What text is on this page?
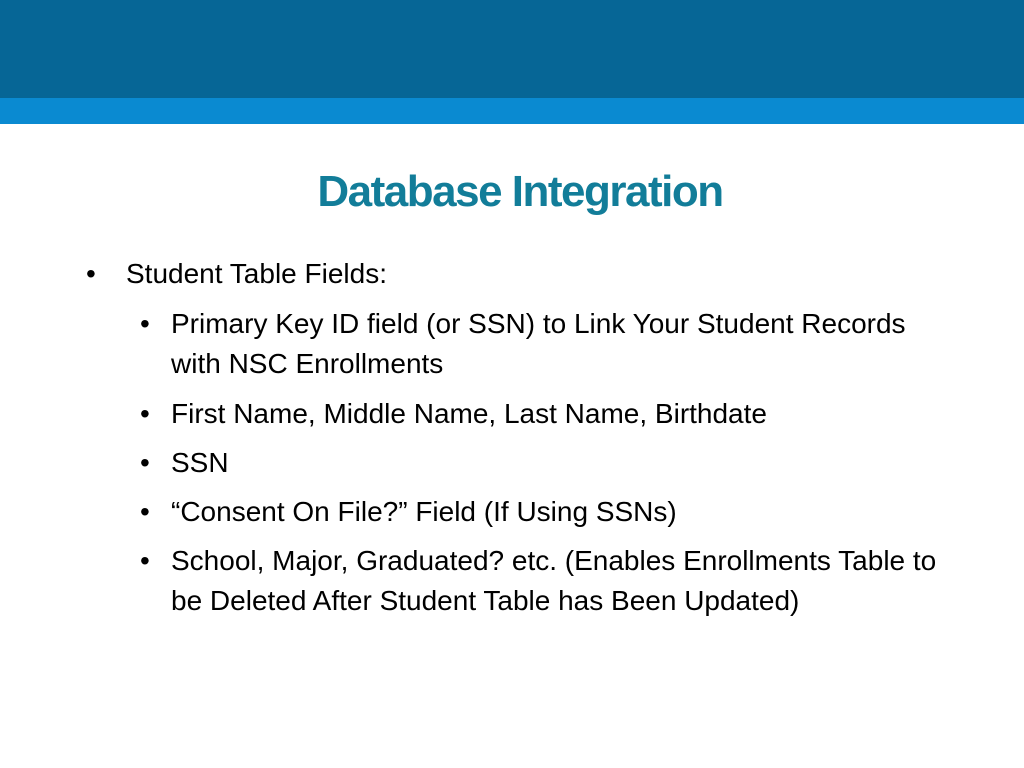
Database Integration
•	Student Table Fields:
• Primary Key ID field (or SSN) to Link Your Student Records with NSC Enrollments
• First Name, Middle Name, Last Name, Birthdate
• SSN
• “Consent On File?” Field (If Using SSNs)
• School, Major, Graduated? etc. (Enables Enrollments Table to be Deleted After Student Table has Been Updated)
